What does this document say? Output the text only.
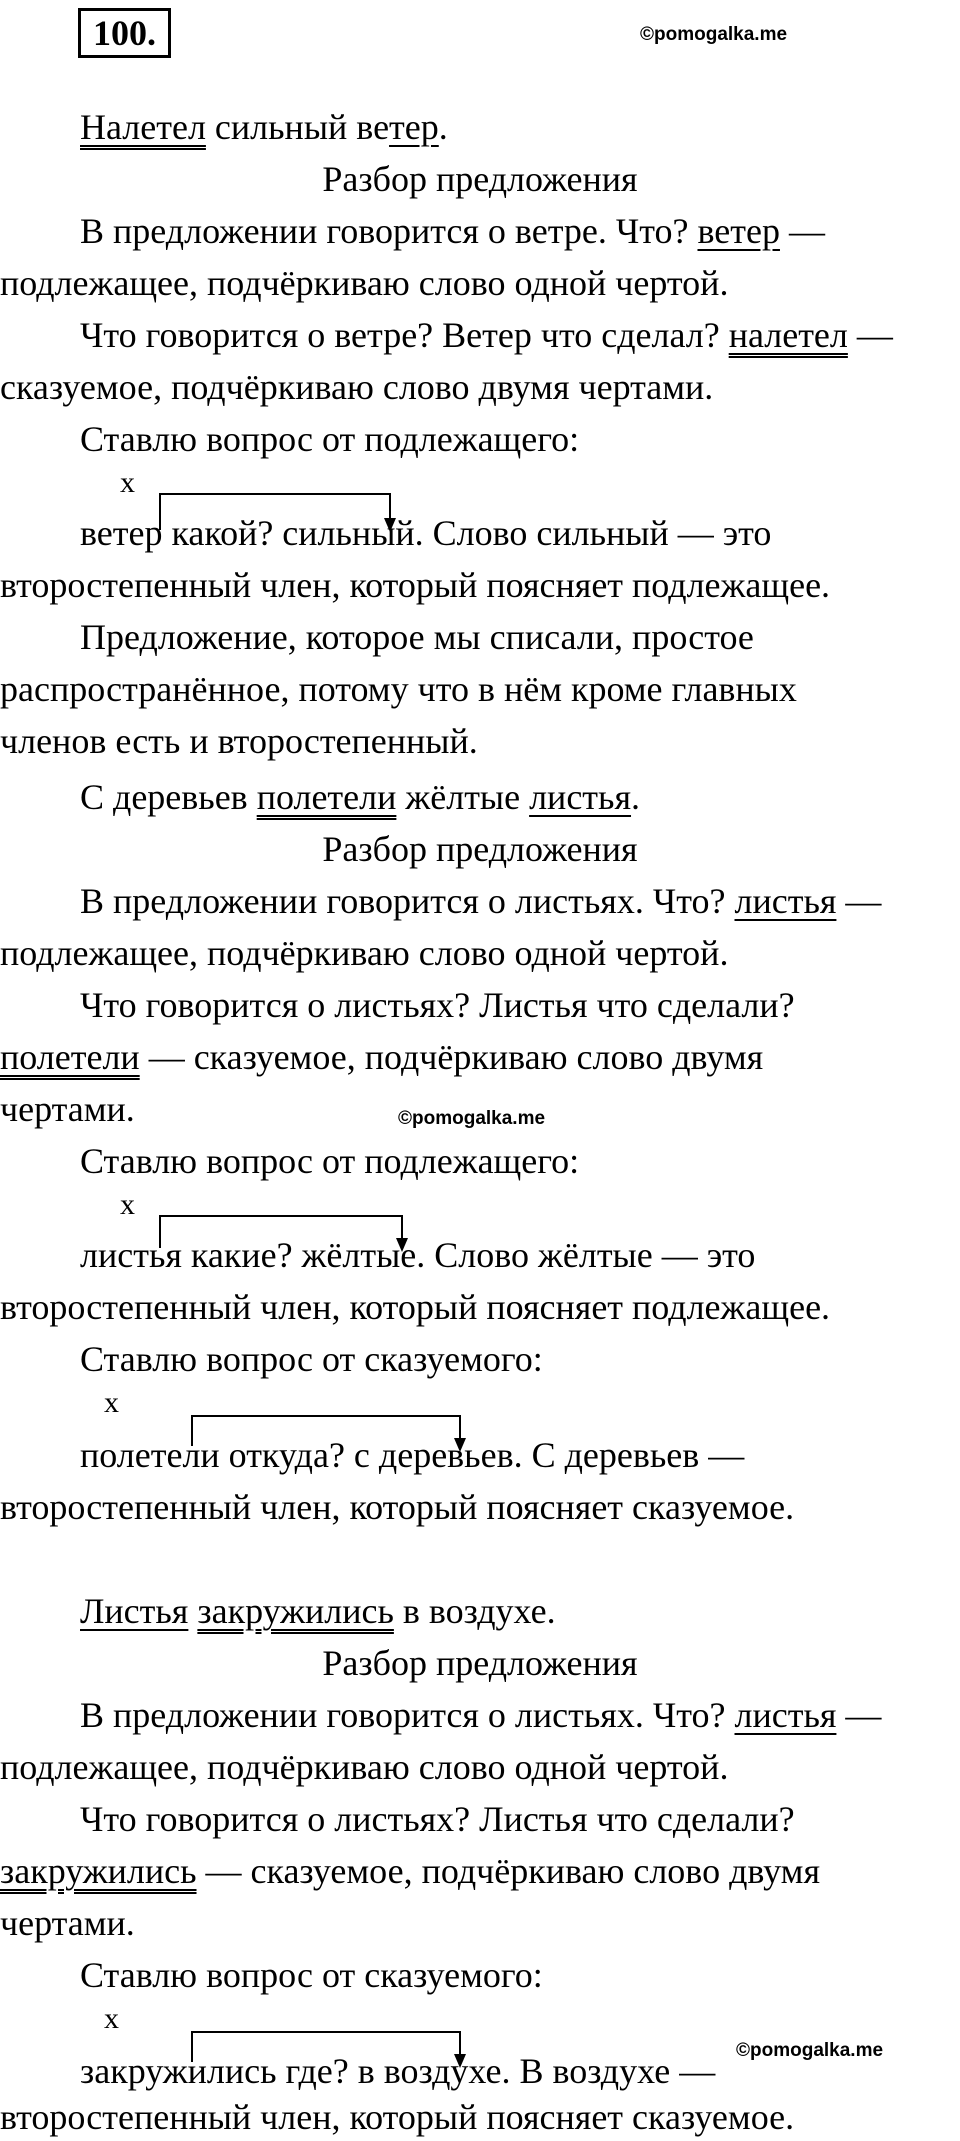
100.	©pomogalka.me
Налетел сильный ветер.
Разбор предложения
В предложении говорится о ветре. Что? ветер —
подлежащее, подчёркиваю слово одной чертой.
Что говорится о ветре? Ветер что сделал? налетел —
сказуемое, подчёркиваю слово двумя чертами.
Ставлю вопрос от подлежащего:
x
ветер какой? сильный. Слово сильный — это
второстепенный член, который поясняет подлежащее.
Предложение, которое мы списали, простое
распространённое, потому что в нём кроме главных
членов есть и второстепенный.
С деревьев полетели жёлтые листья.
Разбор предложения
В предложении говорится о листьях. Что? листья —
подлежащее, подчёркиваю слово одной чертой.
Что говорится о листьях? Листья что сделали?
полетели — сказуемое, подчёркиваю слово двумя
чертами.	©pomogalka.me
Ставлю вопрос от подлежащего:
x
листья какие? жёлтые. Слово жёлтые — это
второстепенный член, который поясняет подлежащее.
Ставлю вопрос от сказуемого:
x
полетели откуда? с деревьев. С деревьев —
второстепенный член, который поясняет сказуемое.
Листья закружились в воздухе.
Разбор предложения
В предложении говорится о листьях. Что? листья —
подлежащее, подчёркиваю слово одной чертой.
Что говорится о листьях? Листья что сделали?
закружились — сказуемое, подчёркиваю слово двумя
чертами.
Ставлю вопрос от сказуемого:
x
закружились где? в воздухе. В воздухе —
©pomogalka.me
второстепенный член, который поясняет сказуемое.
